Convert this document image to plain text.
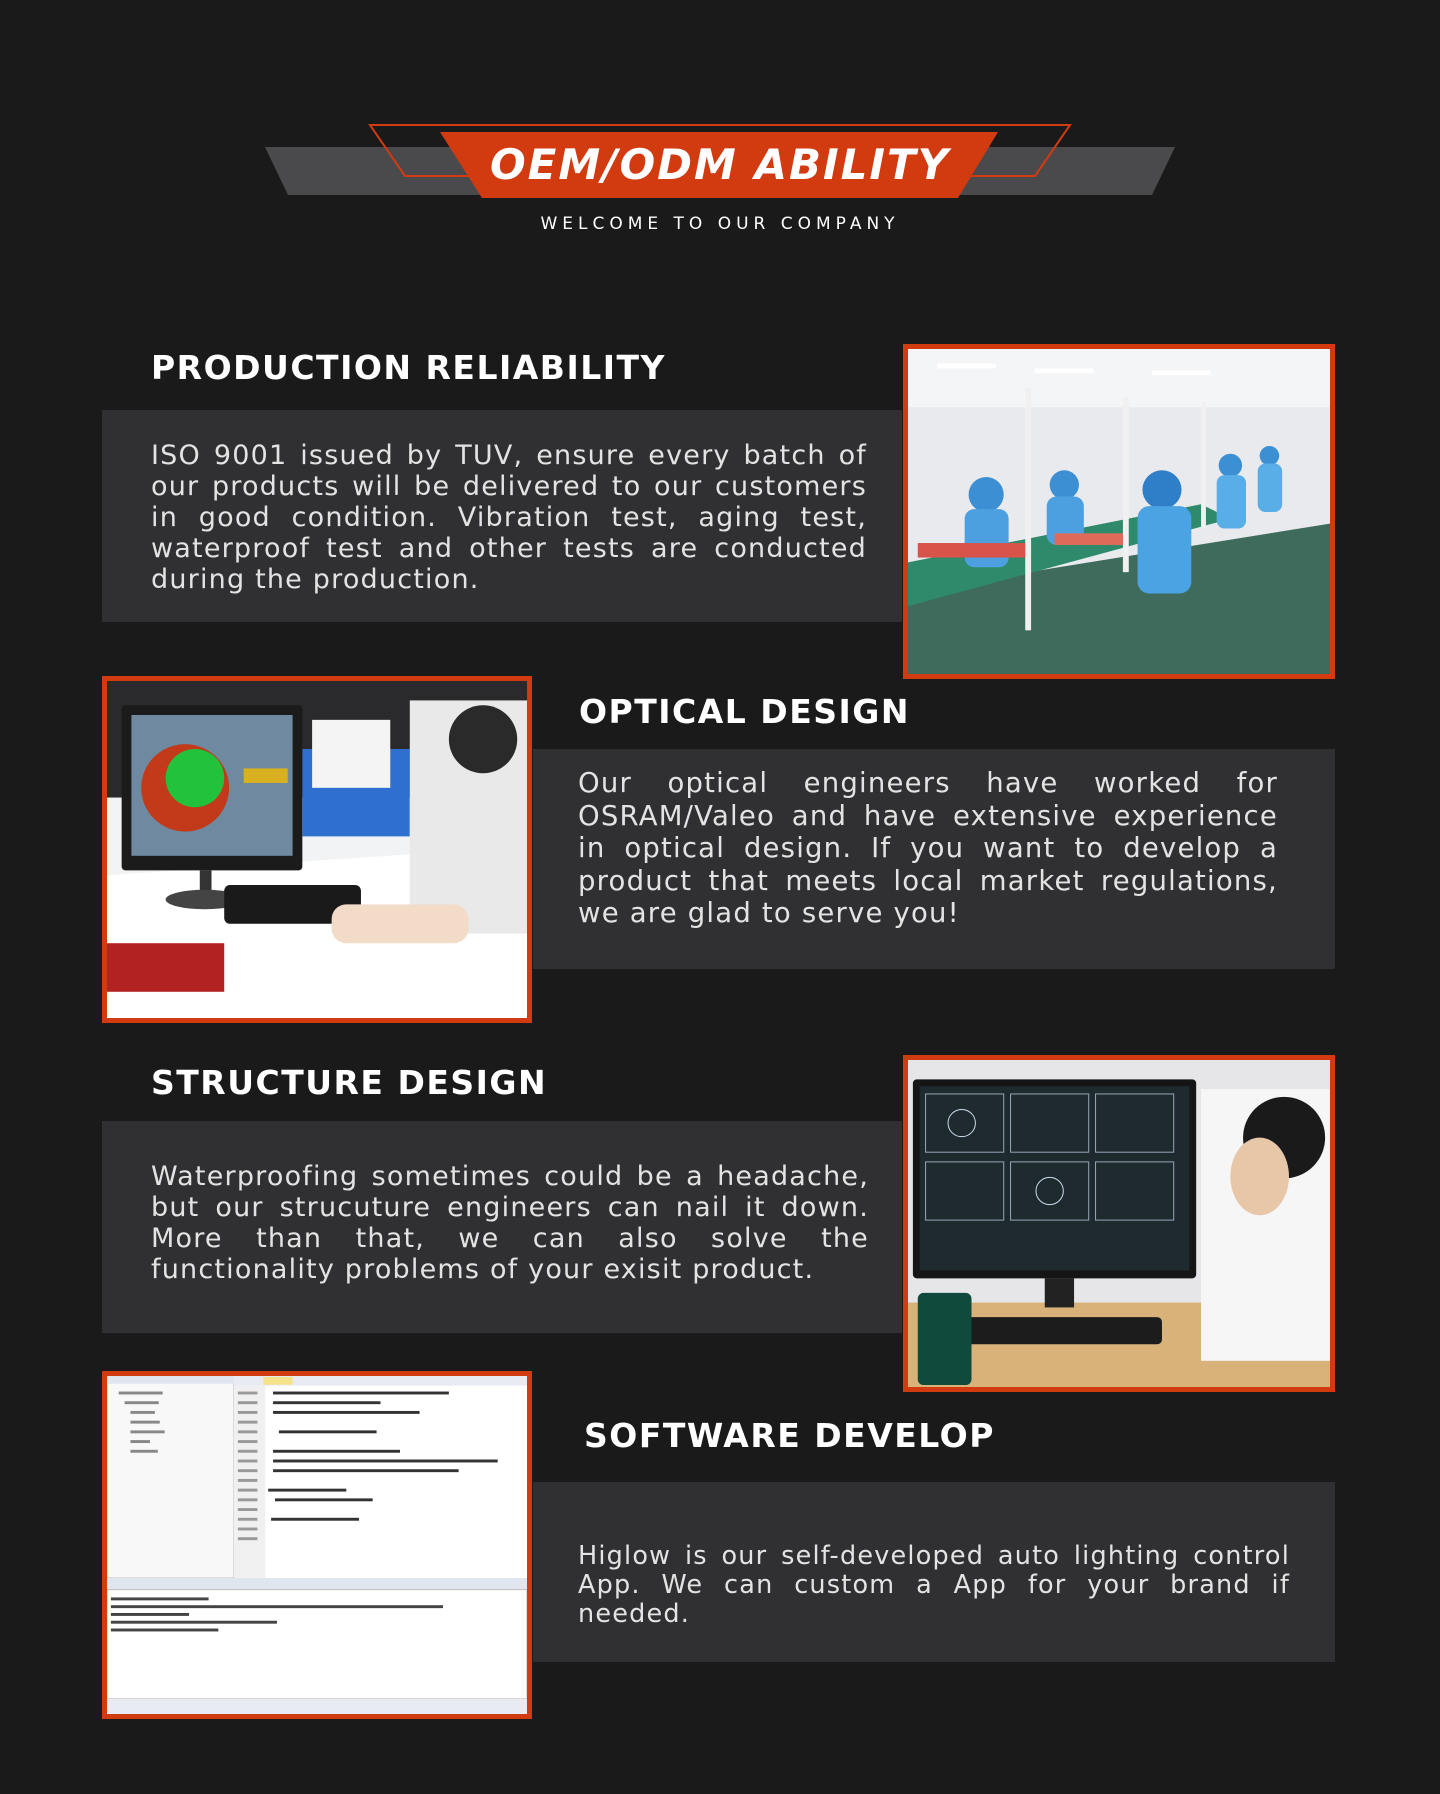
OEM/ODM ABILITY
WELCOME TO OUR COMPANY
PRODUCTION RELIABILITY
ISO 9001 issued by TUV, ensure every batch of our products will be delivered to our customers in good condition. Vibration test, aging test, waterproof test and other tests are conducted during the production.
OPTICAL DESIGN
Our optical engineers have worked for OSRAM/Valeo and have extensive experience in optical design. If you want to develop a product that meets local market regulations, we are glad to serve you!
STRUCTURE DESIGN
Waterproofing sometimes could be a headache, but our strucuture engineers can nail it down. More than that, we can also solve the functionality problems of your exisit product.
SOFTWARE DEVELOP
Higlow is our self-developed auto lighting control App. We can custom a App for your brand if needed.
